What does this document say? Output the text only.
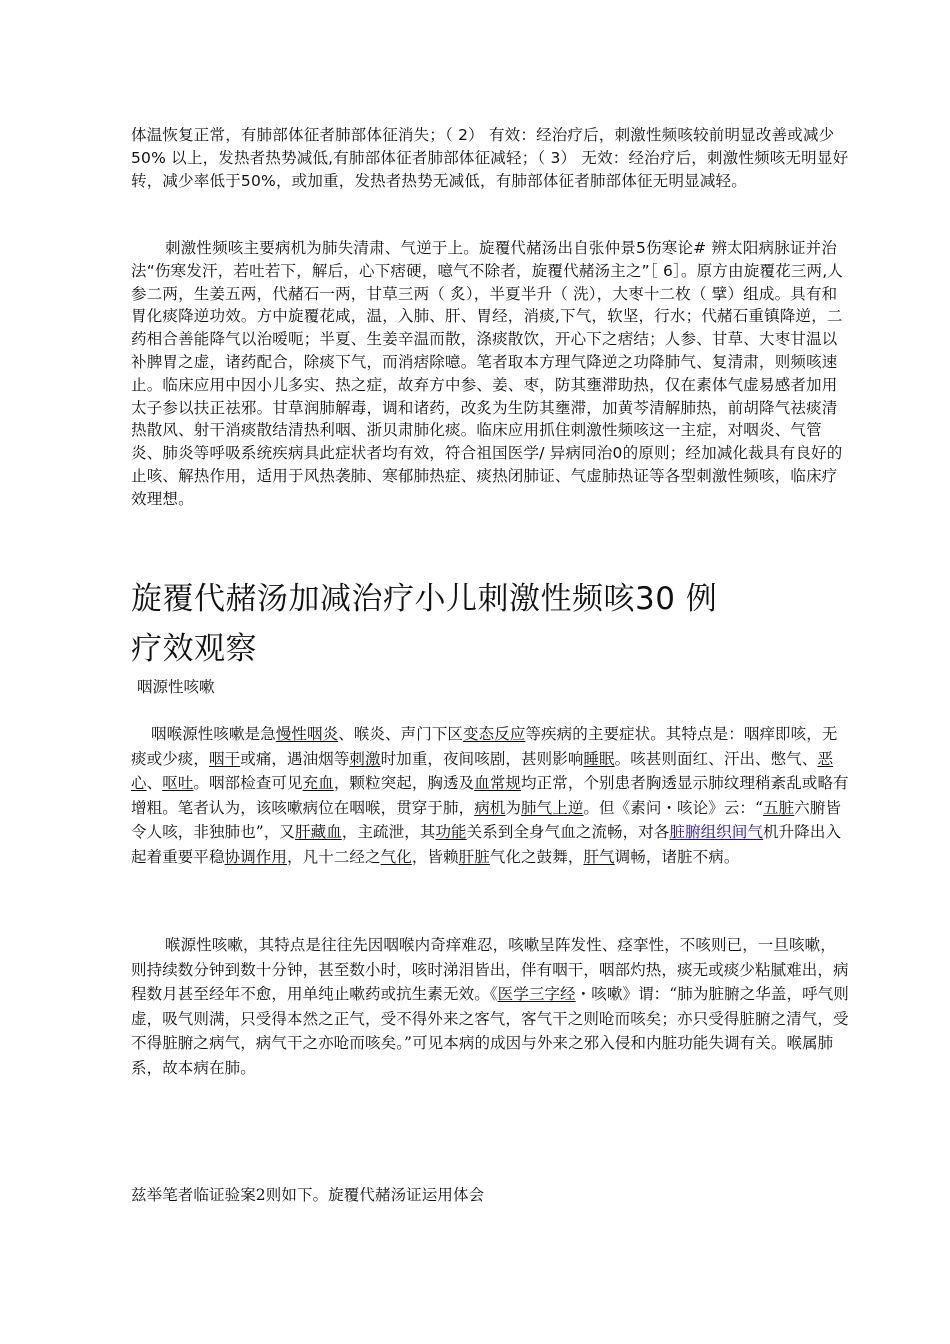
体温恢复正常，有肺部体征者肺部体征消失；（ 2） 有效：经治疗后，刺激性频咳较前明显改善或减少50% 以上，发热者热势减低,有肺部体征者肺部体征减轻；（ 3） 无效：经治疗后，刺激性频咳无明显好转，减少率低于50%，或加重，发热者热势无减低，有肺部体征者肺部体征无明显减轻。

刺激性频咳主要病机为肺失清肃、气逆于上。旋覆代赭汤出自张仲景5伤寒论# 辨太阳病脉证并治法“伤寒发汗，若吐若下，解后，心下痞硬，噫气不除者，旋覆代赭汤主之”［ 6］。原方由旋覆花三两,人参二两，生姜五两，代赭石一两，甘草三两（ 炙），半夏半升（ 洗），大枣十二枚（ 擘）组成。具有和胃化痰降逆功效。方中旋覆花咸，温，入肺、肝、胃经，消痰,下气，软坚，行水；代赭石重镇降逆，二药相合善能降气以治嗳呃；半夏、生姜辛温而散，涤痰散饮，开心下之痞结；人参、甘草、大枣甘温以补脾胃之虚，诸药配合，除痰下气，而消痞除噫。笔者取本方理气降逆之功降肺气、复清肃，则频咳速止。临床应用中因小儿多实、热之症，故弃方中参、姜、枣，防其壅滞助热，仅在素体气虚易感者加用太子参以扶正祛邪。甘草润肺解毒，调和诸药，改炙为生防其壅滞，加黄芩清解肺热，前胡降气祛痰清热散风、射干消痰散结清热利咽、浙贝肃肺化痰。临床应用抓住刺激性频咳这一主症，对咽炎、气管炎、肺炎等呼吸系统疾病具此症状者均有效，符合祖国医学/ 异病同治0的原则；经加减化裁具有良好的止咳、解热作用，适用于风热袭肺、寒郁肺热症、痰热闭肺证、气虚肺热证等各型刺激性频咳，临床疗效理想。

旋覆代赭汤加减治疗小儿刺激性频咳30 例
疗效观察

咽源性咳嗽

咽喉源性咳嗽是急慢性咽炎、喉炎、声门下区变态反应等疾病的主要症状。其特点是：咽痒即咳，无痰或少痰，咽干或痛，遇油烟等刺激时加重，夜间咳剧，甚则影响睡眠。咳甚则面红、汗出、憋气、恶心、呕吐。咽部检查可见充血，颗粒突起，胸透及血常规均正常，个别患者胸透显示肺纹理稍紊乱或略有增粗。笔者认为，该咳嗽病位在咽喉，贯穿于肺，病机为肺气上逆。但《素问・咳论》云：“五脏六腑皆令人咳，非独肺也”，又肝藏血，主疏泄，其功能关系到全身气血之流畅，对各脏腑组织间气机升降出入起着重要平稳协调作用，凡十二经之气化，皆赖肝脏气化之鼓舞，肝气调畅，诸脏不病。

喉源性咳嗽，其特点是往往先因咽喉内奇痒难忍，咳嗽呈阵发性、痉挛性，不咳则已，一旦咳嗽，则持续数分钟到数十分钟，甚至数小时，咳时涕泪皆出，伴有咽干，咽部灼热，痰无或痰少粘腻难出，病程数月甚至经年不愈，用单纯止嗽药或抗生素无效。《医学三字经・咳嗽》谓：“肺为脏腑之华盖，呼气则虚，吸气则满，只受得本然之正气，受不得外来之客气，客气干之则呛而咳矣；亦只受得脏腑之清气，受不得脏腑之病气，病气干之亦呛而咳矣。”可见本病的成因与外来之邪入侵和内脏功能失调有关。喉属肺系，故本病在肺。

兹举笔者临证验案2则如下。旋覆代赭汤证运用体会
